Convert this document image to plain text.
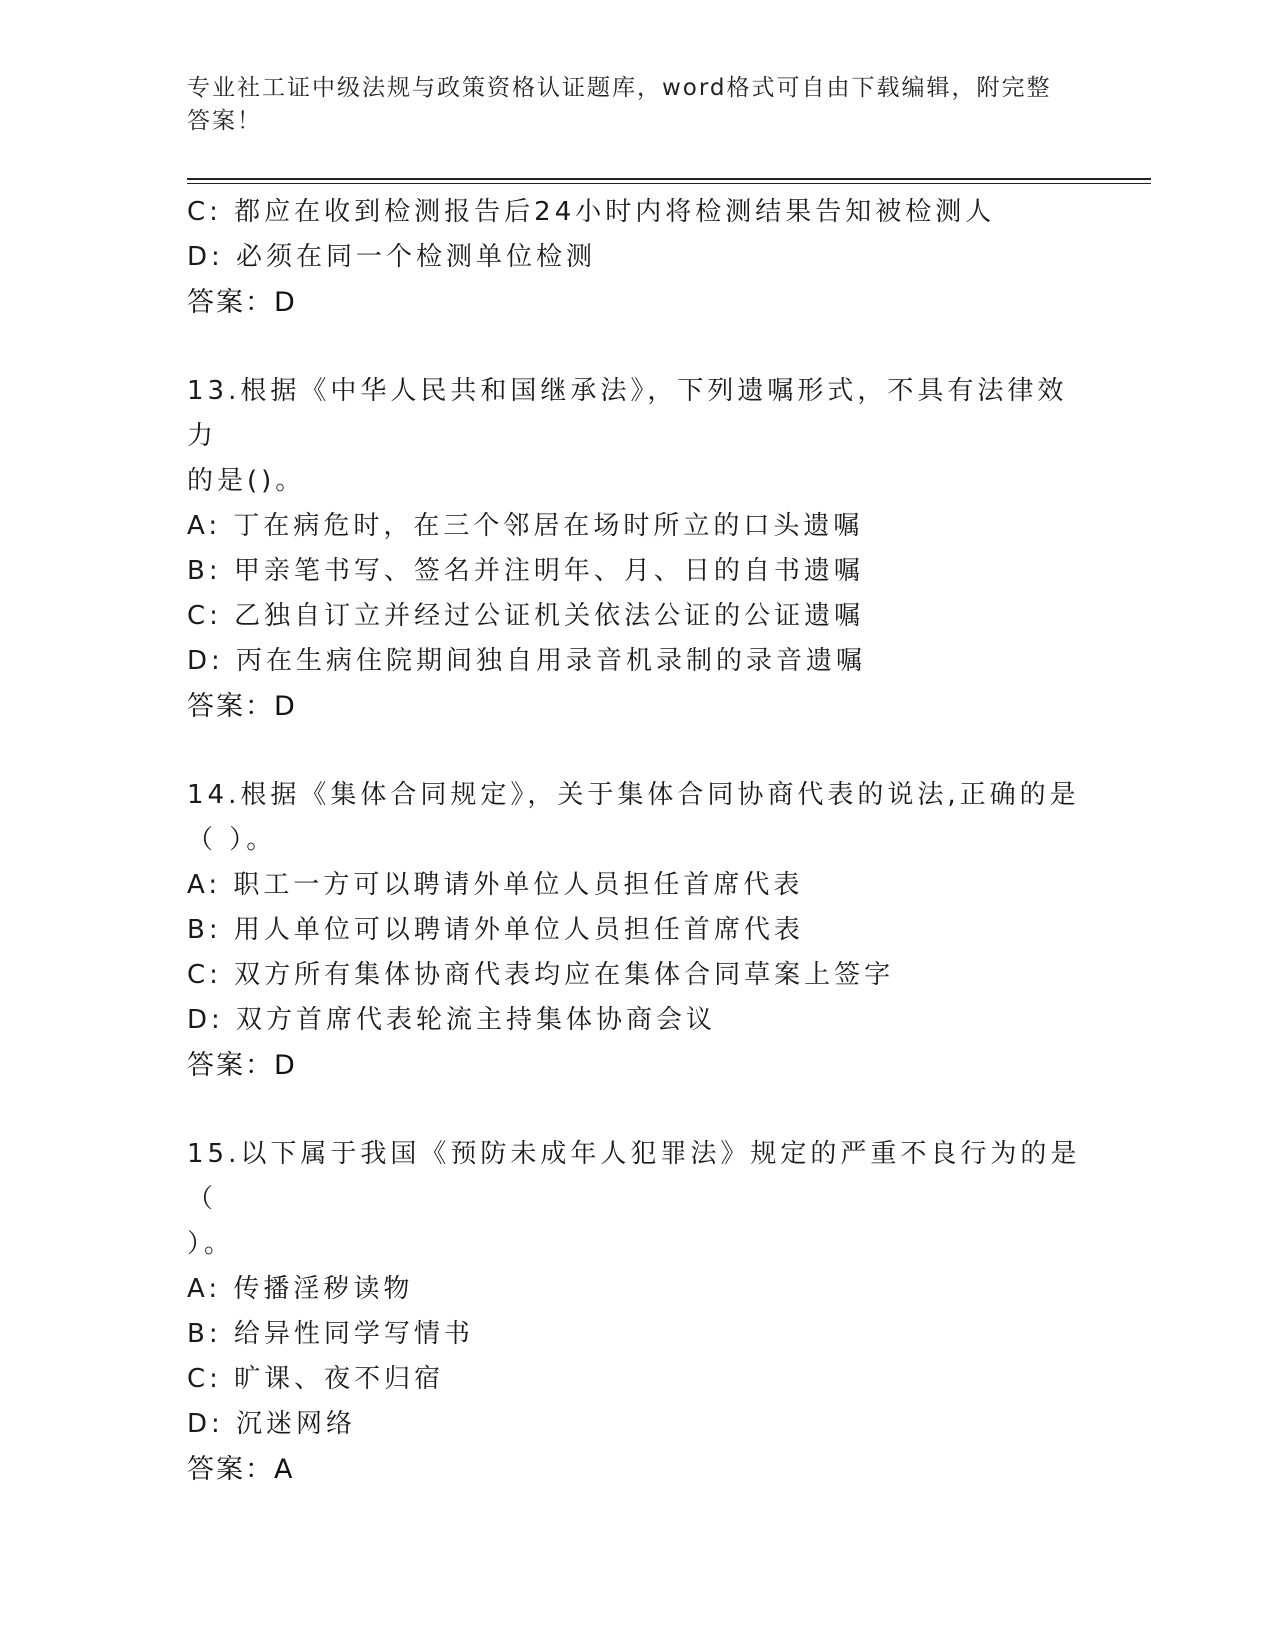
专业社工证中级法规与政策资格认证题库，word格式可自由下载编辑，附完整答案！
C: 都应在收到检测报告后24小时内将检测结果告知被检测人
D: 必须在同一个检测单位检测
答案：D
13.根据《中华人民共和国继承法》，下列遗嘱形式，不具有法律效力
的是()。
A: 丁在病危时，在三个邻居在场时所立的口头遗嘱
B: 甲亲笔书写、签名并注明年、月、日的自书遗嘱
C: 乙独自订立并经过公证机关依法公证的公证遗嘱
D: 丙在生病住院期间独自用录音机录制的录音遗嘱
答案：D
14.根据《集体合同规定》，关于集体合同协商代表的说法,正确的是
（ ）。
A: 职工一方可以聘请外单位人员担任首席代表
B: 用人单位可以聘请外单位人员担任首席代表
C: 双方所有集体协商代表均应在集体合同草案上签字
D: 双方首席代表轮流主持集体协商会议
答案：D
15.以下属于我国《预防未成年人犯罪法》规定的严重不良行为的是（
）。
A: 传播淫秽读物
B: 给异性同学写情书
C: 旷课、夜不归宿
D: 沉迷网络
答案：A
